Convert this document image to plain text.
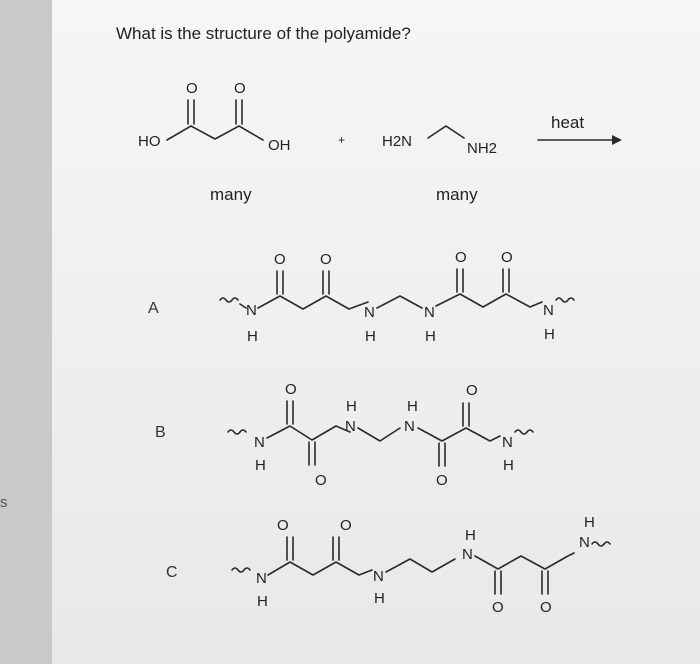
s
What is the structure of the polyamide?
HO
O O
OH	+ H2N	NH2
N
H
O O
N
H
N
H
O O
N
H
N
H
O
O
H
N
H
N
O
O
N
H
N
H
O	O
N
H
H
N
O O
H
N
many	many
heat
A
B
C
